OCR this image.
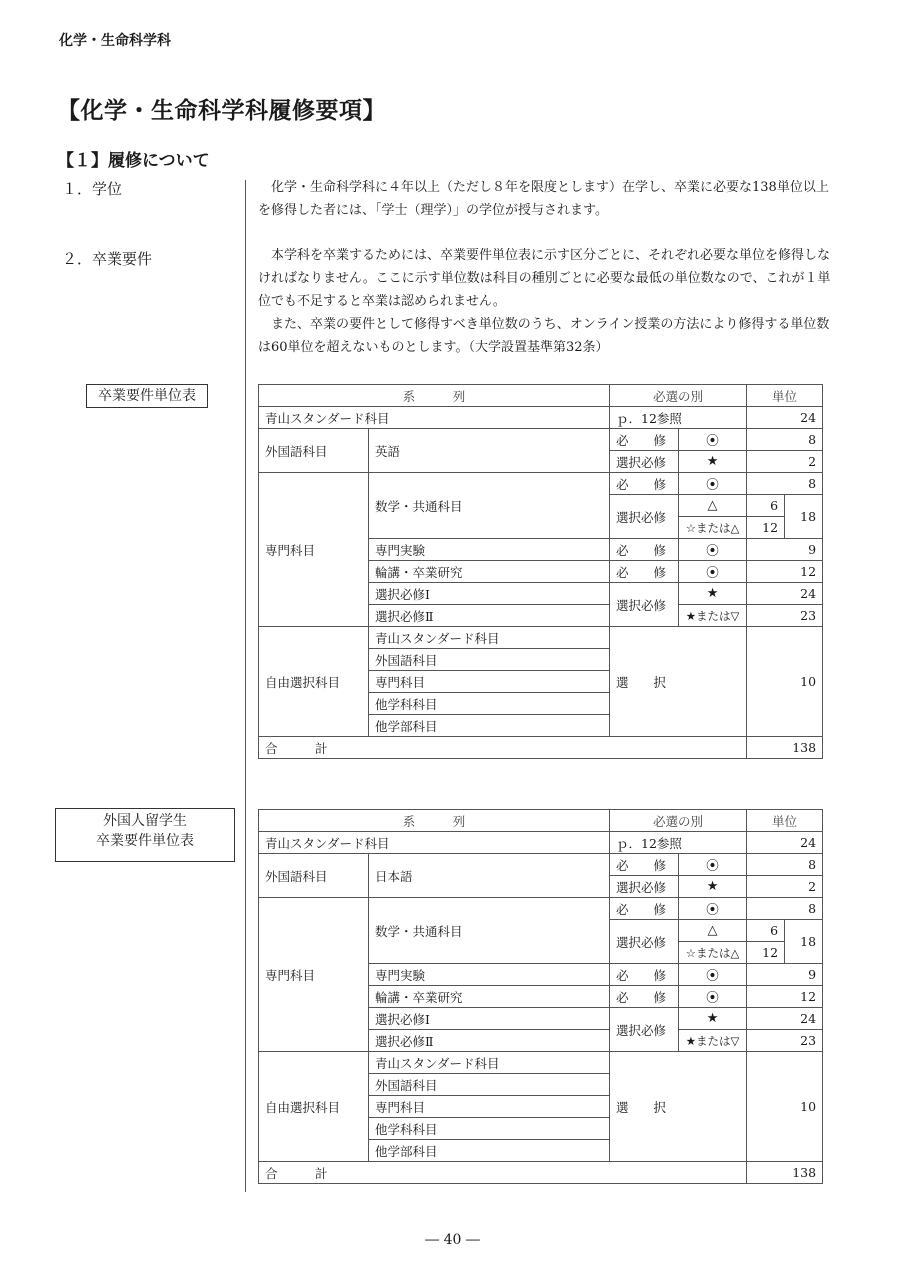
化学・生命科学科
【化学・生命科学科履修要項】
【１】履修について
１．学位	化学・生命科学科に４年以上（ただし８年を限度とします）在学し、卒業に必要な138単位以上を修得した者には、「学士（理学）」の学位が授与されます。

２．卒業要件	本学科を卒業するためには、卒業要件単位表に示す区分ごとに、それぞれ必要な単位を修得しなければなりません。ここに示す単位数は科目の種別ごとに必要な最低の単位数なので、これが１単位でも不足すると卒業は認められません。

また、卒業の要件として修得すべき単位数のうち、オンライン授業の方法により修得する単位数は60単位を超えないものとします。（大学設置基準第32条）

卒業要件単位表
外国人留学生
卒業要件単位表
系　　　列		必選の別		単位	
青山スタンダード科目		ｐ．12参照		24	
外国語科目	英語	必　　修	⦿	8	
		選択必修	★	2	
専門科目	数学・共通科目	必　　修	⦿	8	
		選択必修	△	6	18
			☆または△	12	
	専門実験	必　　修	⦿	9	
	輪講・卒業研究	必　　修	⦿	12	
	選択必修Ⅰ	選択必修	★	24	
	選択必修Ⅱ		★または▽	23	
自由選択科目	青山スタンダード科目	選　　択		10	
	外国語科目				
	専門科目				
	他学科科目				
	他学部科目				
合　　　計				138	
系　　　列		必選の別		単位	
青山スタンダード科目		ｐ．12参照		24	
外国語科目	日本語	必　　修	⦿	8	
		選択必修	★	2	
専門科目	数学・共通科目	必　　修	⦿	8	
		選択必修	△	6	18
			☆または△	12	
	専門実験	必　　修	⦿	9	
	輪講・卒業研究	必　　修	⦿	12	
	選択必修Ⅰ	選択必修	★	24	
	選択必修Ⅱ		★または▽	23	
自由選択科目	青山スタンダード科目	選　　択		10	
	外国語科目				
	専門科目				
	他学科科目				
	他学部科目				
合　　　計				138	
― 40 ―
